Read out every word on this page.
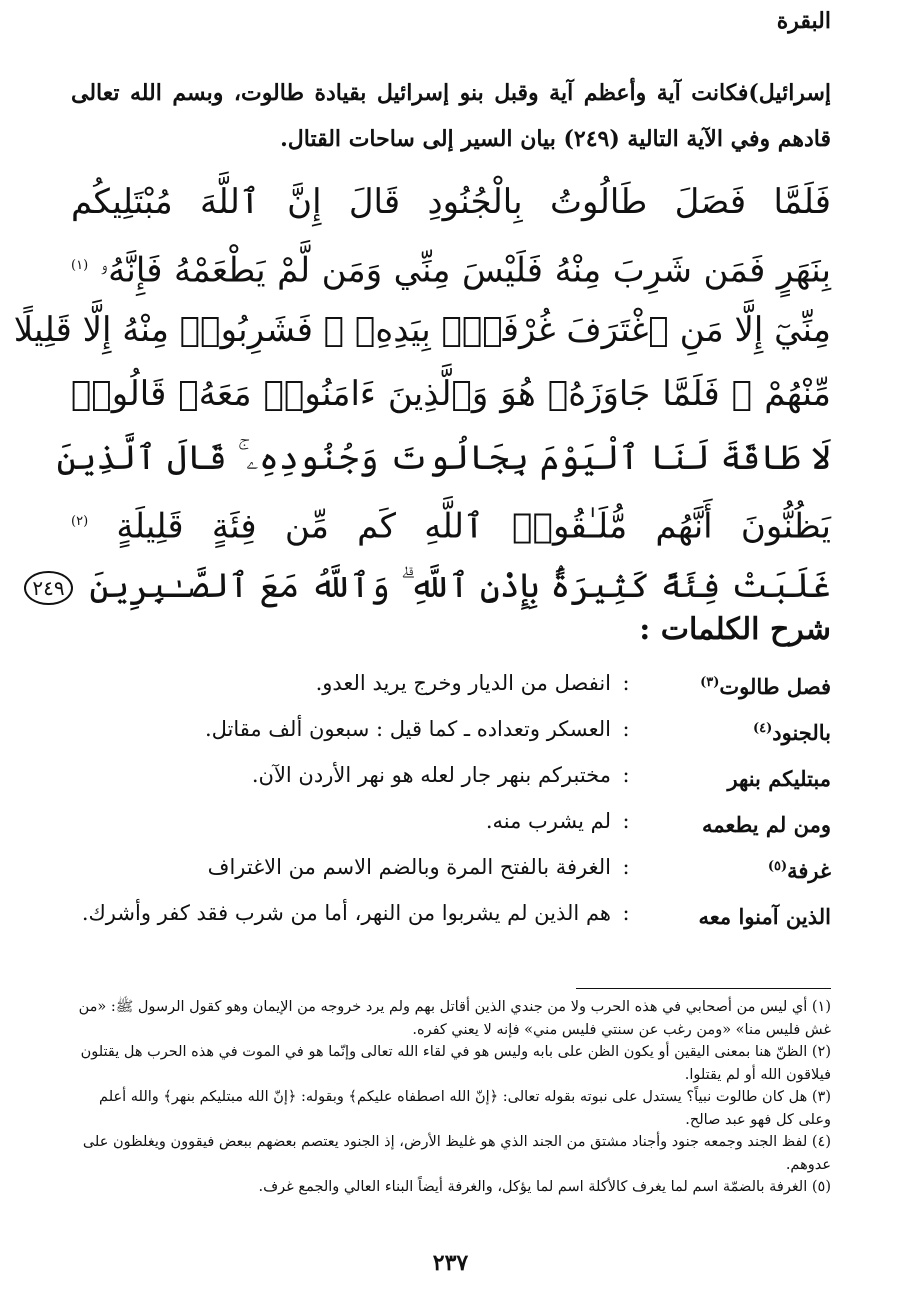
البقرة

إسرائيل)فكانت آية وأعظم آية وقبل بنو إسرائيل بقيادة طالوت، وبسم الله تعالى قادهم وفي الآية التالية (٢٤٩) بيان السير إلى ساحات القتال.

فَلَمَّا فَصَلَ طَالُوتُ بِالْجُنُودِ قَالَ إِنَّ ٱللَّهَ مُبْتَلِيكُم
بِنَهَرٍ فَمَن شَرِبَ مِنْهُ فَلَيْسَ مِنِّي وَمَن لَّمْ يَطْعَمْهُ فَإِنَّهُۥ $^{(١)}$
مِنِّيٓ إِلَّا مَنِ ٱغْتَرَفَ غُرْفَةًۢ بِيَدِهِۦ ۚ فَشَرِبُوا۟ مِنْهُ إِلَّا قَلِيلًا
مِّنْهُمْ ۚ فَلَمَّا جَاوَزَهُۥ هُوَ وَٱلَّذِينَ ءَامَنُوا۟ مَعَهُۥ قَالُوا۟
لَا طَاقَةَ لَنَا ٱلْيَوْمَ بِجَالُوتَ وَجُنُودِهِۦ ۚ قَالَ ٱلَّذِينَ
يَظُنُّونَ أَنَّهُم مُّلَـٰقُوا۟ ٱللَّهِ كَم مِّن فِئَةٍ قَلِيلَةٍ $^{(٢)}$
غَلَبَتْ فِئَةً كَثِيرَةًۢ بِإِذْنِ ٱللَّهِ ۗ وَٱللَّهُ مَعَ ٱلصَّـٰبِرِينَ ٢٤٩
شرح الكلمات :
فصل طالوت$^{(٣)}$
:
انفصل من الديار وخرج يريد العدو.
بالجنود$^{(٤)}$
:
العسكر وتعداده ـ كما قيل : سبعون ألف مقاتل.
مبتليكم بنهر
:
مختبركم بنهر جار لعله هو نهر الأردن الآن.
ومن لم يطعمه
:
لم يشرب منه.
غرفة$^{(٥)}$
:
الغرفة بالفتح المرة وبالضم الاسم من الاغتراف
الذين آمنوا معه
:
هم الذين لم يشربوا من النهر، أما من شرب فقد كفر وأشرك.

(١) أي ليس من أصحابي في هذه الحرب ولا من جندي الذين أقاتل بهم ولم يرد خروجه من الإيمان وهو كقول الرسول ﷺ: «من غش فليس منا» «ومن رغب عن سنتي فليس مني» فإنه لا يعني كفره.

(٢) الظنّ هنا بمعنى اليقين أو يكون الظن على بابه وليس هو في لقاء الله تعالى وإنّما هو في الموت في هذه الحرب هل يقتلون فيلاقون الله أو لم يقتلوا.

(٣) هل كان طالوت نبياً؟ يستدل على نبوته بقوله تعالى: ﴿إنّ الله اصطفاه عليكم﴾ وبقوله: ﴿إنّ الله مبتليكم بنهر﴾ والله أعلم وعلى كل فهو عبد صالح.

(٤) لفظ الجند وجمعه جنود وأجناد مشتق من الجند الذي هو غليظ الأرض، إذ الجنود يعتصم بعضهم ببعض فيقوون ويغلظون على عدوهم.

(٥) الغرفة بالضمّة اسم لما يغرف كالأكلة اسم لما يؤكل، والغرفة أيضاً البناء العالي والجمع غرف.

٢٣٧
